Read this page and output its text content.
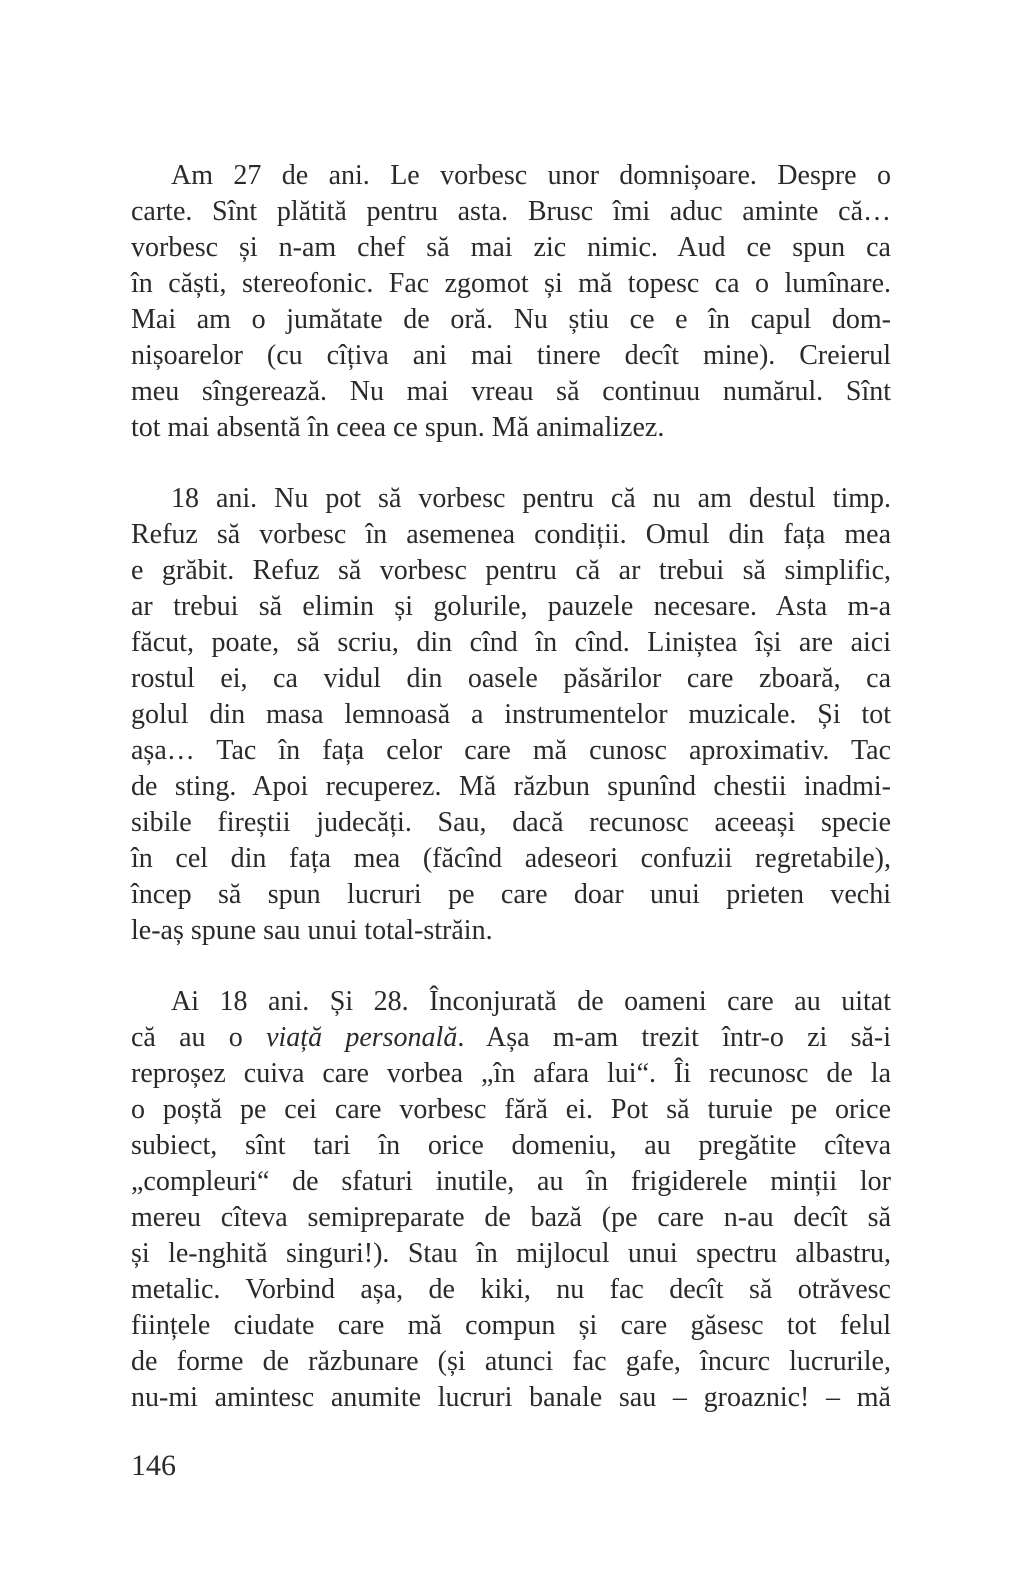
Am 27 de ani. Le vorbesc unor domnișoare. Despre o
carte. Sînt plătită pentru asta. Brusc îmi aduc aminte că…
vorbesc și n-am chef să mai zic nimic. Aud ce spun ca
în căști, stereofonic. Fac zgomot și mă topesc ca o lumînare.
Mai am o jumătate de oră. Nu știu ce e în capul dom-
nișoarelor (cu cîțiva ani mai tinere decît mine). Creierul
meu sîngerează. Nu mai vreau să continuu numărul. Sînt
tot mai absentă în ceea ce spun. Mă animalizez.
18 ani. Nu pot să vorbesc pentru că nu am destul timp.
Refuz să vorbesc în asemenea condiții. Omul din fața mea
e grăbit. Refuz să vorbesc pentru că ar trebui să simplific,
ar trebui să elimin și golurile, pauzele necesare. Asta m-a
făcut, poate, să scriu, din cînd în cînd. Liniștea își are aici
rostul ei, ca vidul din oasele păsărilor care zboară, ca
golul din masa lemnoasă a instrumentelor muzicale. Și tot
așa… Tac în fața celor care mă cunosc aproximativ. Tac
de sting. Apoi recuperez. Mă răzbun spunînd chestii inadmi-
sibile fireștii judecăți. Sau, dacă recunosc aceeași specie
în cel din fața mea (făcînd adeseori confuzii regretabile),
încep să spun lucruri pe care doar unui prieten vechi
le-aș spune sau unui total-străin.
Ai 18 ani. Și 28. Înconjurată de oameni care au uitat
că au o viață personală. Așa m-am trezit într-o zi să-i
reproșez cuiva care vorbea „în afara lui“. Îi recunosc de la
o poștă pe cei care vorbesc fără ei. Pot să turuie pe orice
subiect, sînt tari în orice domeniu, au pregătite cîteva
„compleuri“ de sfaturi inutile, au în frigiderele minții lor
mereu cîteva semipreparate de bază (pe care n-au decît să
și le-nghită singuri!). Stau în mijlocul unui spectru albastru,
metalic. Vorbind așa, de kiki, nu fac decît să otrăvesc
ființele ciudate care mă compun și care găsesc tot felul
de forme de răzbunare (și atunci fac gafe, încurc lucrurile,
nu-mi amintesc anumite lucruri banale sau – groaznic! – mă
146
